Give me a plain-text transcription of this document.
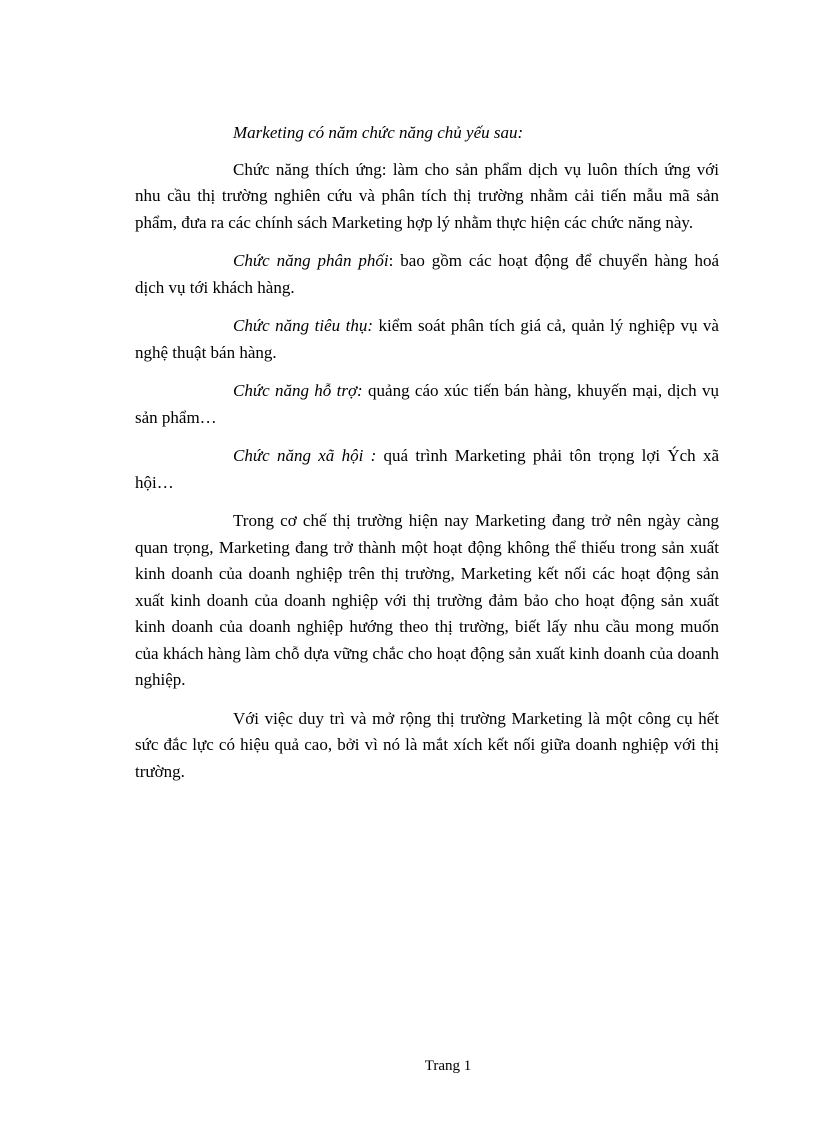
Marketing có năm chức năng chủ yếu sau:

Chức năng thích ứng: làm cho sản phẩm dịch vụ luôn thích ứng với nhu cầu thị trường nghiên cứu và phân tích thị trường nhằm cải tiến mẫu mã sản phẩm, đưa ra các chính sách Marketing hợp lý nhằm thực hiện các chức năng này.

Chức năng phân phối: bao gồm các hoạt động để chuyển hàng hoá dịch vụ tới khách hàng.

Chức năng tiêu thụ: kiểm soát phân tích giá cả, quản lý nghiệp vụ và nghệ thuật bán hàng.

Chức năng hỗ trợ: quảng cáo xúc tiến bán hàng, khuyến mại, dịch vụ sản phẩm…

Chức năng xã hội : quá trình Marketing phải tôn trọng lợi Ých xã hội…

Trong cơ chế thị trường hiện nay Marketing đang trở nên ngày càng quan trọng, Marketing đang trở thành một hoạt động không thể thiếu trong sản xuất kinh doanh của doanh nghiệp trên thị trường, Marketing kết nối các hoạt động sản xuất kinh doanh của doanh nghiệp với thị trường đảm bảo cho hoạt động sản xuất kinh doanh của doanh nghiệp hướng theo thị trường, biết lấy nhu cầu mong muốn của khách hàng làm chỗ dựa vững chắc cho hoạt động sản xuất kinh doanh của doanh nghiệp.

Với việc duy trì và mở rộng thị trường Marketing là một công cụ hết sức đắc lực có hiệu quả cao, bởi vì nó là mắt xích kết nối giữa doanh nghiệp với thị trường.

Trang 1
